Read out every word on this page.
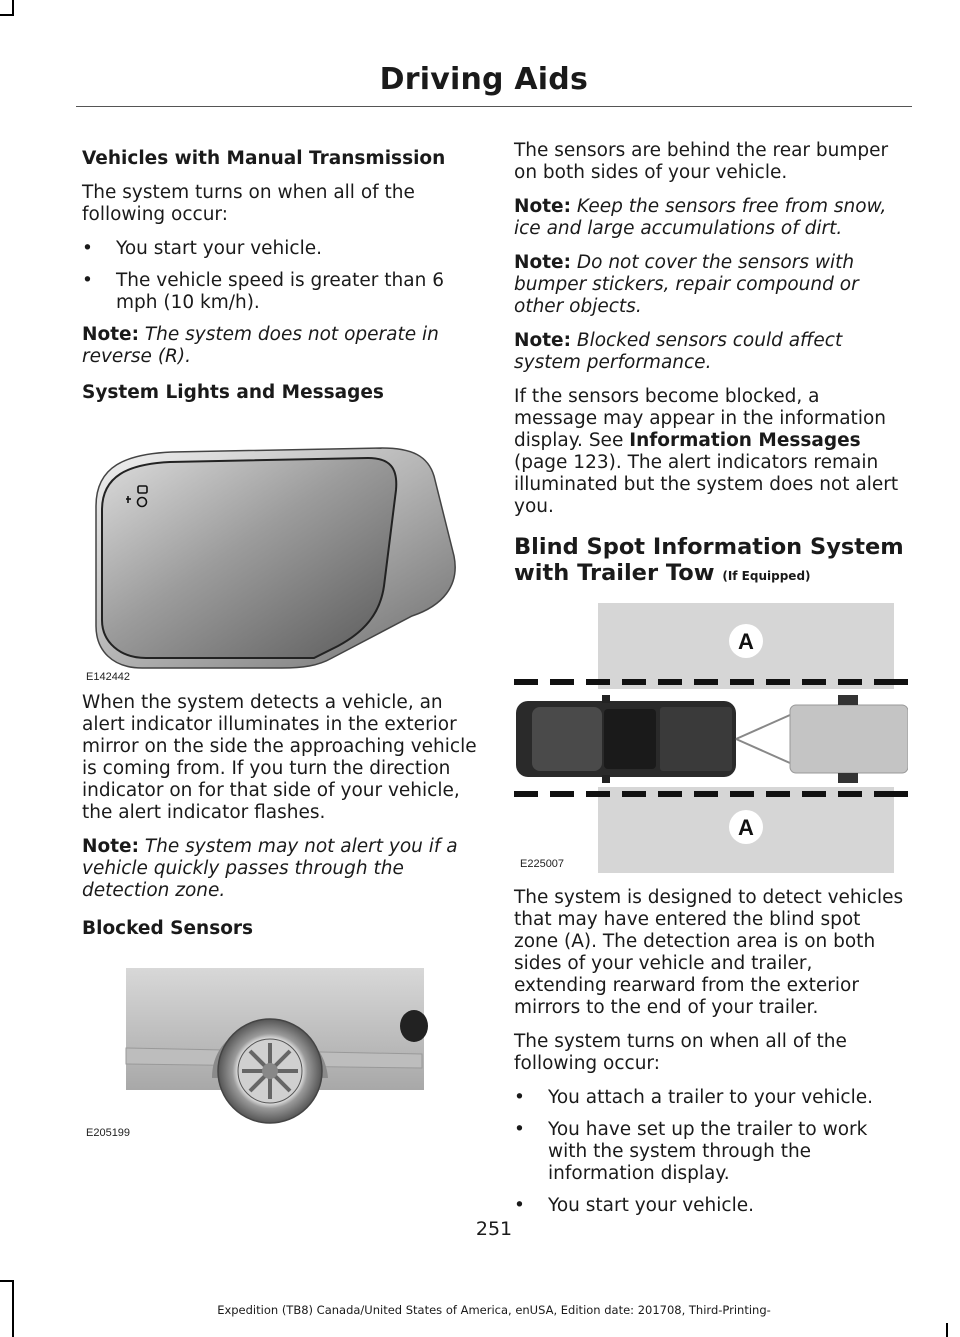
Driving Aids
Vehicles with Manual Transmission

The system turns on when all of the following occur:

• You start your vehicle.
• The vehicle speed is greater than 6 mph (10 km/h).

Note: The system does not operate in reverse (R).

System Lights and Messages
E142442

When the system detects a vehicle, an alert indicator illuminates in the exterior mirror on the side the approaching vehicle is coming from. If you turn the direction indicator on for that side of your vehicle, the alert indicator flashes.

Note: The system may not alert you if a vehicle quickly passes through the detection zone.

Blocked Sensors
E205199

The sensors are behind the rear bumper on both sides of your vehicle.

Note: Keep the sensors free from snow, ice and large accumulations of dirt.

Note: Do not cover the sensors with bumper stickers, repair compound or other objects.

Note: Blocked sensors could affect system performance.

If the sensors become blocked, a message may appear in the information display. See Information Messages (page 123). The alert indicators remain illuminated but the system does not alert you.

Blind Spot Information System with Trailer Tow (If Equipped)
A
A
E225007

The system is designed to detect vehicles that may have entered the blind spot zone (A). The detection area is on both sides of your vehicle and trailer, extending rearward from the exterior mirrors to the end of your trailer.

The system turns on when all of the following occur:

• You attach a trailer to your vehicle.
• You have set up the trailer to work with the system through the information display.
• You start your vehicle.
251
Expedition (TB8) Canada/United States of America, enUSA, Edition date: 201708, Third-Printing-
